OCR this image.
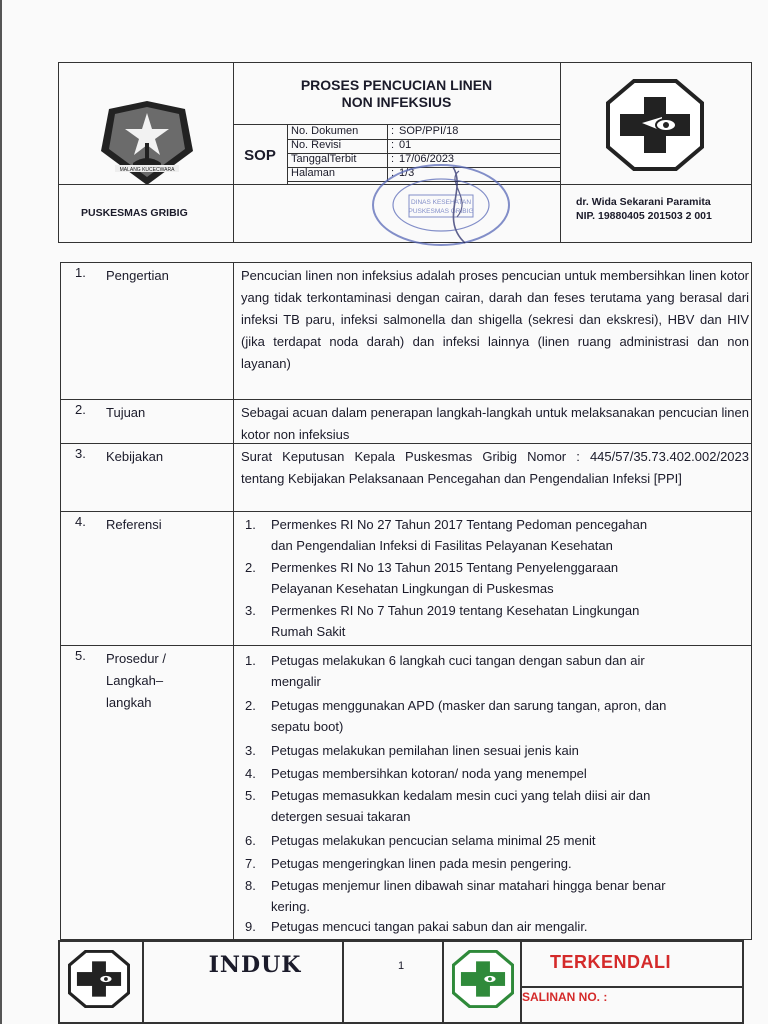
MALANG KUCECWARA
PUSKESMAS GRIBIG
PROSES PENCUCIAN LINEN
NON INFEKSIUS
SOP
No. Dokumen	: SOP/PPI/18
No. Revisi	: 01
TanggalTerbit	: 17/06/2023
Halaman	: 1/3
DINAS KESEHATAN
PUSKESMAS GRIBIG
dr. Wida Sekarani Paramita
NIP. 19880405 201503 2 001
1. Pengertian	Pencucian linen non infeksius adalah proses pencucian untuk membersihkan linen kotor yang tidak terkontaminasi dengan cairan, darah dan feses terutama yang berasal dari infeksi TB paru, infeksi salmonella dan shigella (sekresi dan ekskresi), HBV dan HIV (jika terdapat noda darah) dan infeksi lainnya (linen ruang administrasi dan non layanan)
2. Tujuan	Sebagai acuan dalam penerapan langkah-langkah untuk melaksanakan pencucian linen kotor non infeksius
3. Kebijakan	Surat Keputusan Kepala Puskesmas Gribig Nomor : 445/57/35.73.402.002/2023 tentang Kebijakan Pelaksanaan Pencegahan dan Pengendalian Infeksi [PPI]
4. Referensi	1. Permenkes RI No 27 Tahun 2017 Tentang Pedoman pencegahan
dan Pengendalian Infeksi di Fasilitas Pelayanan Kesehatan
2. Permenkes RI No 13 Tahun 2015 Tentang Penyelenggaraan
Pelayanan Kesehatan Lingkungan di Puskesmas
3. Permenkes RI No 7 Tahun 2019 tentang Kesehatan Lingkungan
Rumah Sakit
5. Prosedur /
Langkah–
langkah
1. Petugas melakukan 6 langkah cuci tangan dengan sabun dan air
mengalir
2. Petugas menggunakan APD (masker dan sarung tangan, apron, dan
sepatu boot)
3. Petugas melakukan pemilahan linen sesuai jenis kain
4. Petugas membersihkan kotoran/ noda yang menempel
5. Petugas memasukkan kedalam mesin cuci yang telah diisi air dan
detergen sesuai takaran
6. Petugas melakukan pencucian selama minimal 25 menit
7. Petugas mengeringkan linen pada mesin pengering.
8. Petugas menjemur linen dibawah sinar matahari hingga benar benar
kering.
9. Petugas mencuci tangan pakai sabun dan air mengalir.
INDUK	1	TERKENDALI
SALINAN NO. :
